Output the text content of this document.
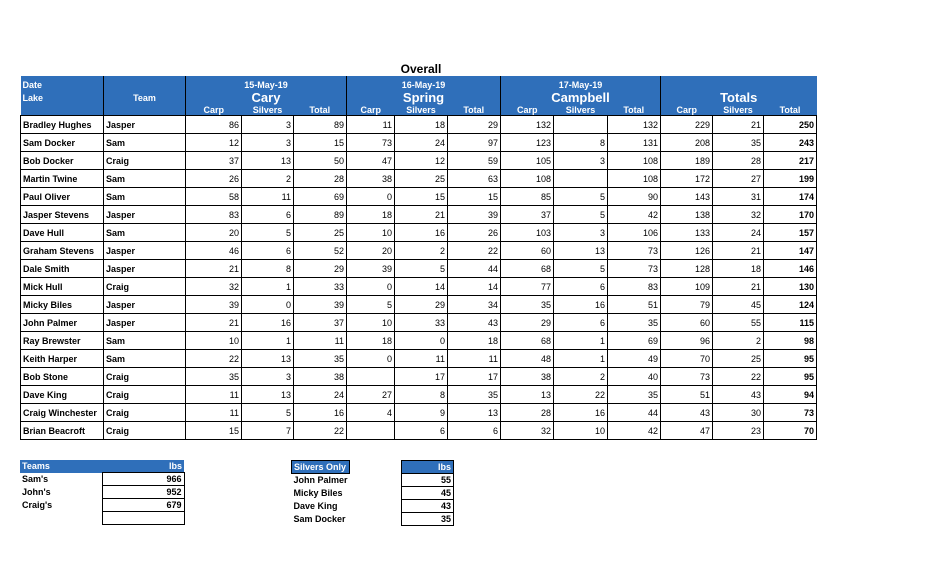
Overall
Date		15-May-19			16-May-19			17-May-19					
Lake	Team	Cary			Spring			Campbell			Totals		
		Carp	Silvers	Total	Carp	Silvers	Total	Carp	Silvers	Total	Carp	Silvers	Total
Bradley Hughes	Jasper	86	3	89	11	18	29	132		132	229	21	250
Sam Docker	Sam	12	3	15	73	24	97	123	8	131	208	35	243
Bob Docker	Craig	37	13	50	47	12	59	105	3	108	189	28	217
Martin Twine	Sam	26	2	28	38	25	63	108		108	172	27	199
Paul Oliver	Sam	58	11	69	0	15	15	85	5	90	143	31	174
Jasper Stevens	Jasper	83	6	89	18	21	39	37	5	42	138	32	170
Dave Hull	Sam	20	5	25	10	16	26	103	3	106	133	24	157
Graham Stevens	Jasper	46	6	52	20	2	22	60	13	73	126	21	147
Dale Smith	Jasper	21	8	29	39	5	44	68	5	73	128	18	146
Mick Hull	Craig	32	1	33	0	14	14	77	6	83	109	21	130
Micky Biles	Jasper	39	0	39	5	29	34	35	16	51	79	45	124
John Palmer	Jasper	21	16	37	10	33	43	29	6	35	60	55	115
Ray Brewster	Sam	10	1	11	18	0	18	68	1	69	96	2	98
Keith Harper	Sam	22	13	35	0	11	11	48	1	49	70	25	95
Bob Stone	Craig	35	3	38		17	17	38	2	40	73	22	95
Dave King	Craig	11	13	24	27	8	35	13	22	35	51	43	94
Craig Winchester	Craig	11	5	16	4	9	13	28	16	44	43	30	73
Brian Beacroft	Craig	15	7	22		6	6	32	10	42	47	23	70
Teams	lbs
Sam's	966
John's	952
Craig's	679

Silvers Only		lbs
John Palmer		55
Micky Biles		45
Dave King		43
Sam Docker		35
